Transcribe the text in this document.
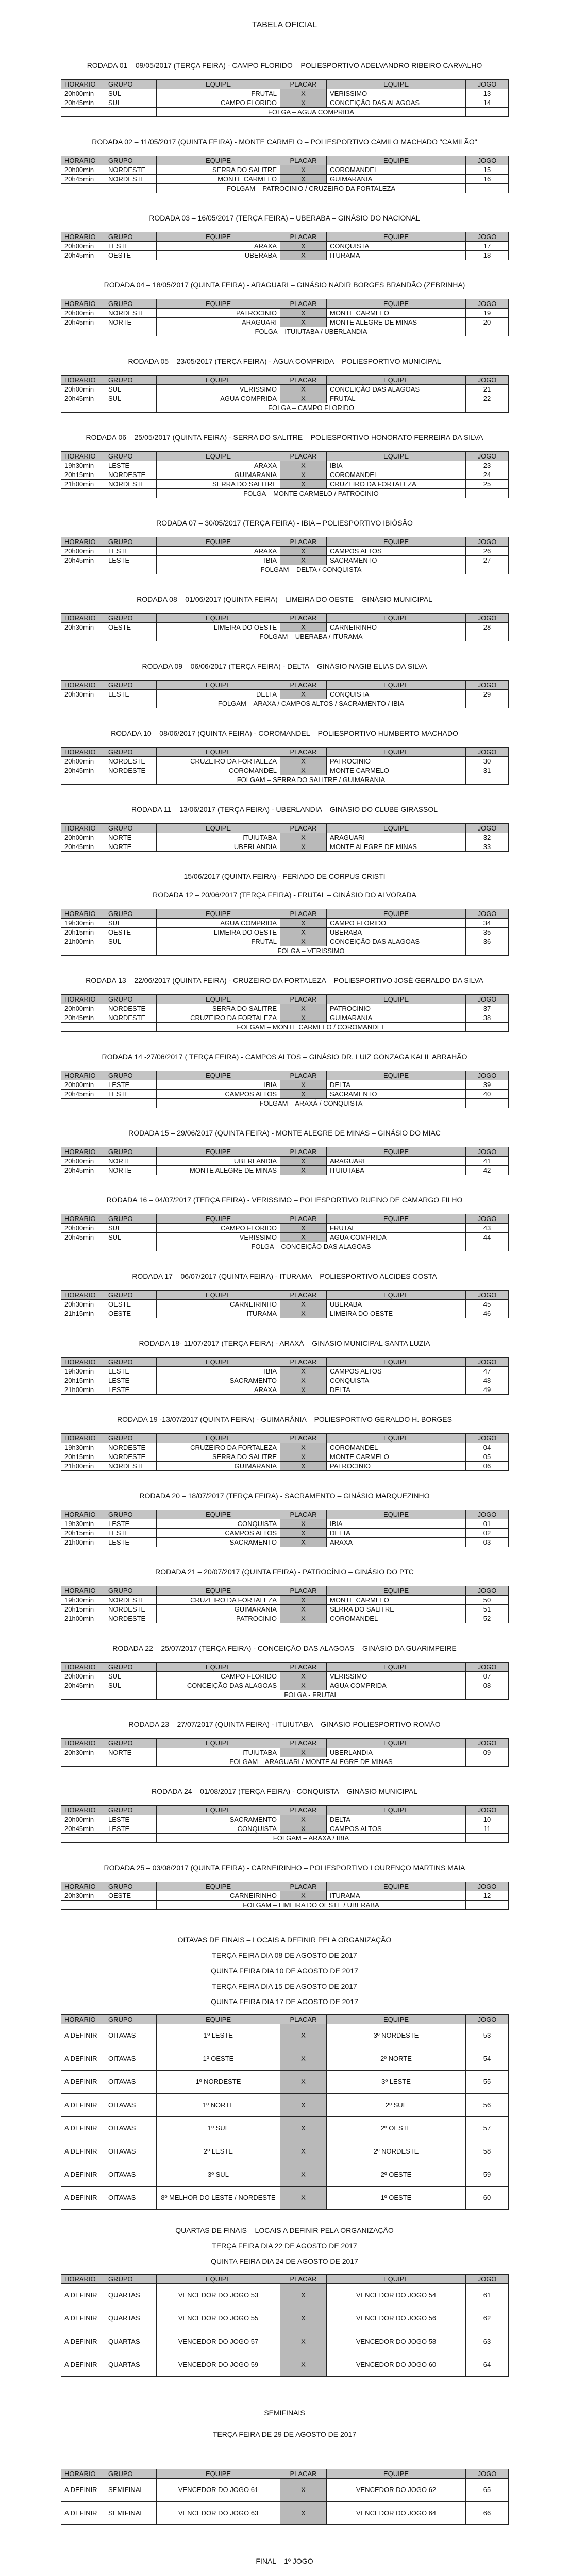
TABELA OFICIAL
RODADA 01 – 09/05/2017 (TERÇA FEIRA) - CAMPO FLORIDO – POLIESPORTIVO ADELVANDRO RIBEIRO CARVALHO
HORARIO	GRUPO	EQUIPE	PLACAR	EQUIPE	JOGO
20h00min	SUL	FRUTAL	X	VERISSIMO	13
20h45min	SUL	CAMPO FLORIDO	X	CONCEIÇÃO DAS ALAGOAS	14
		FOLGA – AGUA COMPRIDA			
RODADA 02 – 11/05/2017 (QUINTA FEIRA) - MONTE CARMELO – POLIESPORTIVO CAMILO MACHADO "CAMILÃO"
HORARIO	GRUPO	EQUIPE	PLACAR	EQUIPE	JOGO
20h00min	NORDESTE	SERRA DO SALITRE	X	COROMANDEL	15
20h45min	NORDESTE	MONTE CARMELO	X	GUIMARANIA	16
		FOLGAM – PATROCINIO / CRUZEIRO DA FORTALEZA			
RODADA 03 – 16/05/2017 (TERÇA FEIRA) – UBERABA – GINÁSIO DO NACIONAL
HORARIO	GRUPO	EQUIPE	PLACAR	EQUIPE	JOGO
20h00min	LESTE	ARAXA	X	CONQUISTA	17
20h45min	OESTE	UBERABA	X	ITURAMA	18
RODADA 04 – 18/05/2017 (QUINTA FEIRA) - ARAGUARI – GINÁSIO NADIR BORGES BRANDÃO (ZEBRINHA)
HORARIO	GRUPO	EQUIPE	PLACAR	EQUIPE	JOGO
20h00min	NORDESTE	PATROCINIO	X	MONTE CARMELO	19
20h45min	NORTE	ARAGUARI	X	MONTE ALEGRE DE MINAS	20
		FOLGA – ITUIUTABA / UBERLANDIA			
RODADA 05 – 23/05/2017 (TERÇA FEIRA) - ÁGUA COMPRIDA – POLIESPORTIVO MUNICIPAL
HORARIO	GRUPO	EQUIPE	PLACAR	EQUIPE	JOGO
20h00min	SUL	VERISSIMO	X	CONCEIÇÃO DAS ALAGOAS	21
20h45min	SUL	AGUA COMPRIDA	X	FRUTAL	22
		FOLGA – CAMPO FLORIDO			
RODADA 06 – 25/05/2017 (QUINTA FEIRA) - SERRA DO SALITRE – POLIESPORTIVO HONORATO FERREIRA DA SILVA
HORARIO	GRUPO	EQUIPE	PLACAR	EQUIPE	JOGO
19h30min	LESTE	ARAXA	X	IBIA	23
20h15min	NORDESTE	GUIMARANIA	X	COROMANDEL	24
21h00min	NORDESTE	SERRA DO SALITRE	X	CRUZEIRO DA FORTALEZA	25
		FOLGA – MONTE CARMELO / PATROCINIO			
RODADA 07 – 30/05/2017 (TERÇA FEIRA) - IBIA – POLIESPORTIVO IBIÓSÃO
HORARIO	GRUPO	EQUIPE	PLACAR	EQUIPE	JOGO
20h00min	LESTE	ARAXA	X	CAMPOS ALTOS	26
20h45min	LESTE	IBIA	X	SACRAMENTO	27
		FOLGAM – DELTA / CONQUISTA			
RODADA 08 – 01/06/2017 (QUINTA FEIRA) – LIMEIRA DO OESTE – GINÁSIO MUNICIPAL
HORARIO	GRUPO	EQUIPE	PLACAR	EQUIPE	JOGO
20h30min	OESTE	LIMEIRA DO OESTE	X	CARNEIRINHO	28
		FOLGAM – UBERABA / ITURAMA			
RODADA 09 – 06/06/2017 (TERÇA FEIRA) - DELTA – GINÁSIO NAGIB ELIAS DA SILVA
HORARIO	GRUPO	EQUIPE	PLACAR	EQUIPE	JOGO
20h30min	LESTE	DELTA	X	CONQUISTA	29
		FOLGAM – ARAXA / CAMPOS ALTOS / SACRAMENTO / IBIA			
RODADA 10 – 08/06/2017 (QUINTA FEIRA) - COROMANDEL – POLIESPORTIVO HUMBERTO MACHADO
HORARIO	GRUPO	EQUIPE	PLACAR	EQUIPE	JOGO
20h00min	NORDESTE	CRUZEIRO DA FORTALEZA	X	PATROCINIO	30
20h45min	NORDESTE	COROMANDEL	X	MONTE CARMELO	31
		FOLGAM – SERRA DO SALITRE / GUIMARANIA			
RODADA 11 – 13/06/2017 (TERÇA FEIRA) - UBERLANDIA – GINÁSIO DO CLUBE GIRASSOL
HORARIO	GRUPO	EQUIPE	PLACAR	EQUIPE	JOGO
20h00min	NORTE	ITUIUTABA	X	ARAGUARI	32
20h45min	NORTE	UBERLANDIA	X	MONTE ALEGRE DE MINAS	33
15/06/2017 (QUINTA FEIRA) - FERIADO DE CORPUS CRISTI
RODADA 12 – 20/06/2017 (TERÇA FEIRA) - FRUTAL – GINÁSIO DO ALVORADA
HORARIO	GRUPO	EQUIPE	PLACAR	EQUIPE	JOGO
19h30min	SUL	AGUA COMPRIDA	X	CAMPO FLORIDO	34
20h15min	OESTE	LIMEIRA DO OESTE	X	UBERABA	35
21h00min	SUL	FRUTAL	X	CONCEIÇÃO DAS ALAGOAS	36
		FOLGA – VERISSIMO			
RODADA 13 – 22/06/2017 (QUINTA FEIRA) - CRUZEIRO DA FORTALEZA – POLIESPORTIVO JOSÉ GERALDO DA SILVA
HORARIO	GRUPO	EQUIPE	PLACAR	EQUIPE	JOGO
20h00min	NORDESTE	SERRA DO SALITRE	X	PATROCINIO	37
20h45min	NORDESTE	CRUZEIRO DA FORTALEZA	X	GUIMARANIA	38
		FOLGAM – MONTE CARMELO / COROMANDEL			
RODADA 14 -27/06/2017 ( TERÇA FEIRA) - CAMPOS ALTOS – GINÁSIO DR. LUIZ GONZAGA KALIL ABRAHÃO
HORARIO	GRUPO	EQUIPE	PLACAR	EQUIPE	JOGO
20h00min	LESTE	IBIA	X	DELTA	39
20h45min	LESTE	CAMPOS ALTOS	X	SACRAMENTO	40
		FOLGAM – ARAXÁ / CONQUISTA			
RODADA 15 – 29/06/2017 (QUINTA FEIRA) - MONTE ALEGRE DE MINAS – GINÁSIO DO MIAC
HORARIO	GRUPO	EQUIPE	PLACAR	EQUIPE	JOGO
20h00min	NORTE	UBERLANDIA	X	ARAGUARI	41
20h45min	NORTE	MONTE ALEGRE DE MINAS	X	ITUIUTABA	42
RODADA 16 – 04/07/2017 (TERÇA FEIRA) - VERISSIMO – POLIESPORTIVO RUFINO DE CAMARGO FILHO
HORARIO	GRUPO	EQUIPE	PLACAR	EQUIPE	JOGO
20h00min	SUL	CAMPO FLORIDO	X	FRUTAL	43
20h45min	SUL	VERISSIMO	X	AGUA COMPRIDA	44
		FOLGA – CONCEIÇÃO DAS ALAGOAS			
RODADA 17 – 06/07/2017 (QUINTA FEIRA) - ITURAMA – POLIESPORTIVO ALCIDES COSTA
HORARIO	GRUPO	EQUIPE	PLACAR	EQUIPE	JOGO
20h30min	OESTE	CARNEIRINHO	X	UBERABA	45
21h15min	OESTE	ITURAMA	X	LIMEIRA DO OESTE	46
RODADA 18- 11/07/2017 (TERÇA FEIRA) - ARAXÁ – GINÁSIO MUNICIPAL SANTA LUZIA
HORARIO	GRUPO	EQUIPE	PLACAR	EQUIPE	JOGO
19h30min	LESTE	IBIA	X	CAMPOS ALTOS	47
20h15min	LESTE	SACRAMENTO	X	CONQUISTA	48
21h00min	LESTE	ARAXA	X	DELTA	49
RODADA 19 -13/07/2017 (QUINTA FEIRA) - GUIMARÂNIA – POLIESPORTIVO GERALDO H. BORGES
HORARIO	GRUPO	EQUIPE	PLACAR	EQUIPE	JOGO
19h30min	NORDESTE	CRUZEIRO DA FORTALEZA	X	COROMANDEL	04
20h15min	NORDESTE	SERRA DO SALITRE	X	MONTE CARMELO	05
21h00min	NORDESTE	GUIMARANIA	X	PATROCINIO	06
RODADA 20 – 18/07/2017 (TERÇA FEIRA) - SACRAMENTO – GINÁSIO MARQUEZINHO
HORARIO	GRUPO	EQUIPE	PLACAR	EQUIPE	JOGO
19h30min	LESTE	CONQUISTA	X	IBIA	01
20h15min	LESTE	CAMPOS ALTOS	X	DELTA	02
21h00min	LESTE	SACRAMENTO	X	ARAXA	03
RODADA 21 – 20/07/2017 (QUINTA FEIRA) - PATROCÍNIO – GINÁSIO DO PTC
HORARIO	GRUPO	EQUIPE	PLACAR	EQUIPE	JOGO
19h30min	NORDESTE	CRUZEIRO DA FORTALEZA	X	MONTE CARMELO	50
20h15min	NORDESTE	GUIMARANIA	X	SERRA DO SALITRE	51
21h00min	NORDESTE	PATROCINIO	X	COROMANDEL	52
RODADA 22 – 25/07/2017 (TERÇA FEIRA) - CONCEIÇÃO DAS ALAGOAS – GINÁSIO DA GUARIMPEIRE
HORARIO	GRUPO	EQUIPE	PLACAR	EQUIPE	JOGO
20h00min	SUL	CAMPO FLORIDO	X	VERISSIMO	07
20h45min	SUL	CONCEIÇÃO DAS ALAGOAS	X	AGUA COMPRIDA	08
		FOLGA - FRUTAL			
RODADA 23 – 27/07/2017 (QUINTA FEIRA) - ITUIUTABA – GINÁSIO POLIESPORTIVO ROMÃO
HORARIO	GRUPO	EQUIPE	PLACAR	EQUIPE	JOGO
20h30min	NORTE	ITUIUTABA	X	UBERLANDIA	09
		FOLGAM – ARAGUARI / MONTE ALEGRE DE MINAS			
RODADA 24 – 01/08/2017 (TERÇA FEIRA) - CONQUISTA – GINÁSIO MUNICIPAL
HORARIO	GRUPO	EQUIPE	PLACAR	EQUIPE	JOGO
20h00min	LESTE	SACRAMENTO	X	DELTA	10
20h45min	LESTE	CONQUISTA	X	CAMPOS ALTOS	11
		FOLGAM – ARAXA / IBIA			
RODADA 25 – 03/08/2017 (QUINTA FEIRA) - CARNEIRINHO – POLIESPORTIVO LOURENÇO MARTINS MAIA
HORARIO	GRUPO	EQUIPE	PLACAR	EQUIPE	JOGO
20h30min	OESTE	CARNEIRINHO	X	ITURAMA	12
		FOLGAM – LIMEIRA DO OESTE / UBERABA			
OITAVAS DE FINAIS – LOCAIS A DEFINIR PELA ORGANIZAÇÃO
TERÇA FEIRA DIA 08 DE AGOSTO DE 2017
QUINTA FEIRA DIA 10 DE AGOSTO DE 2017
TERÇA FEIRA DIA 15 DE AGOSTO DE 2017
QUINTA FEIRA DIA 17 DE AGOSTO DE 2017
HORARIO	GRUPO	EQUIPE	PLACAR	EQUIPE	JOGO
A DEFINIR	OITAVAS	1º LESTE	X	3º NORDESTE	53
A DEFINIR	OITAVAS	1º OESTE	X	2º NORTE	54
A DEFINIR	OITAVAS	1º NORDESTE	X	3º LESTE	55
A DEFINIR	OITAVAS	1º NORTE	X	2º SUL	56
A DEFINIR	OITAVAS	1º SUL	X	2º OESTE	57
A DEFINIR	OITAVAS	2º LESTE	X	2º NORDESTE	58
A DEFINIR	OITAVAS	3º SUL	X	2º OESTE	59
A DEFINIR	OITAVAS	8º MELHOR DO LESTE / NORDESTE	X	1º OESTE	60
QUARTAS DE FINAIS – LOCAIS A DEFINIR PELA ORGANIZAÇÃO
TERÇA FEIRA DIA 22 DE AGOSTO DE 2017
QUINTA FEIRA DIA 24 DE AGOSTO DE 2017
HORARIO	GRUPO	EQUIPE	PLACAR	EQUIPE	JOGO
A DEFINIR	QUARTAS	VENCEDOR DO JOGO 53	X	VENCEDOR DO JOGO 54	61
A DEFINIR	QUARTAS	VENCEDOR DO JOGO 55	X	VENCEDOR DO JOGO 56	62
A DEFINIR	QUARTAS	VENCEDOR DO JOGO 57	X	VENCEDOR DO JOGO 58	63
A DEFINIR	QUARTAS	VENCEDOR DO JOGO 59	X	VENCEDOR DO JOGO 60	64
SEMIFINAIS
TERÇA FEIRA DE 29 DE AGOSTO DE 2017
HORARIO	GRUPO	EQUIPE	PLACAR	EQUIPE	JOGO
A DEFINIR	SEMIFINAL	VENCEDOR DO JOGO 61	X	VENCEDOR DO JOGO 62	65
A DEFINIR	SEMIFINAL	VENCEDOR DO JOGO 63	X	VENCEDOR DO JOGO 64	66
FINAL – 1º JOGO
